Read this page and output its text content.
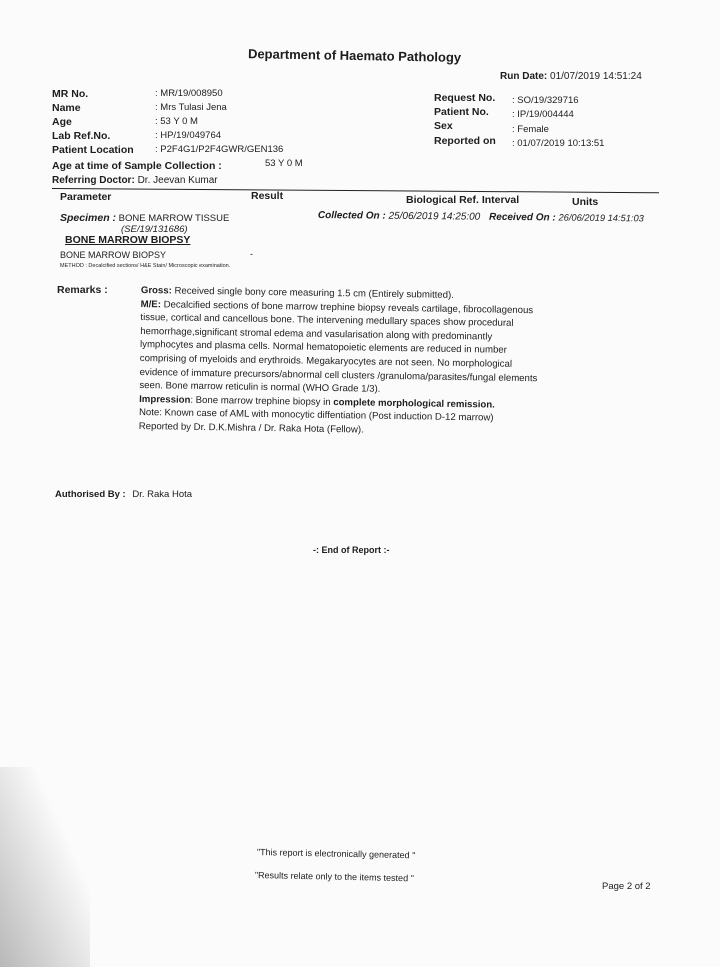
Department of Haemato Pathology
Run Date: 01/07/2019 14:51:24
MR No.	: MR/19/008950
Name	: Mrs Tulasi Jena
Age	: 53 Y 0 M
Lab Ref.No.	: HP/19/049764
Patient Location : P2F4G1/P2F4GWR/GEN136
Request No. : SO/19/329716
Patient No. : IP/19/004444
Sex	: Female
Reported on : 01/07/2019 10:13:51
Age at time of Sample Collection :	53 Y 0 M
Referring Doctor: Dr. Jeevan Kumar
Parameter	Result	Biological Ref. Interval	Units
Specimen : BONE MARROW TISSUE
(SE/19/131686)
Collected On : 25/06/2019 14:25:00 Received On : 26/06/2019 14:51:03
BONE MARROW BIOPSY
BONE MARROW BIOPSY	-
METHOD : Decalcified sections/ H&E Stain/ Microscopic examination.
Remarks :	Gross: Received single bony core measuring 1.5 cm (Entirely submitted).

M/E: Decalcified sections of bone marrow trephine biopsy reveals cartilage, fibrocollagenous tissue, cortical and cancellous bone. The intervening medullary spaces show procedural hemorrhage,significant stromal edema and vasularisation along with predominantly lymphocytes and plasma cells. Normal hematopoietic elements are reduced in number comprising of myeloids and erythroids. Megakaryocytes are not seen. No morphological evidence of immature precursors/abnormal cell clusters /granuloma/parasites/fungal elements seen. Bone marrow reticulin is normal (WHO Grade 1/3).

Impression: Bone marrow trephine biopsy in complete morphological remission.

Note: Known case of AML with monocytic diffentiation (Post induction D-12 marrow)

Reported by Dr. D.K.Mishra / Dr. Raka Hota (Fellow).

Authorised By : Dr. Raka Hota
-: End of Report :-
"This report is electronically generated "
"Results relate only to the items tested "
Page 2 of 2
